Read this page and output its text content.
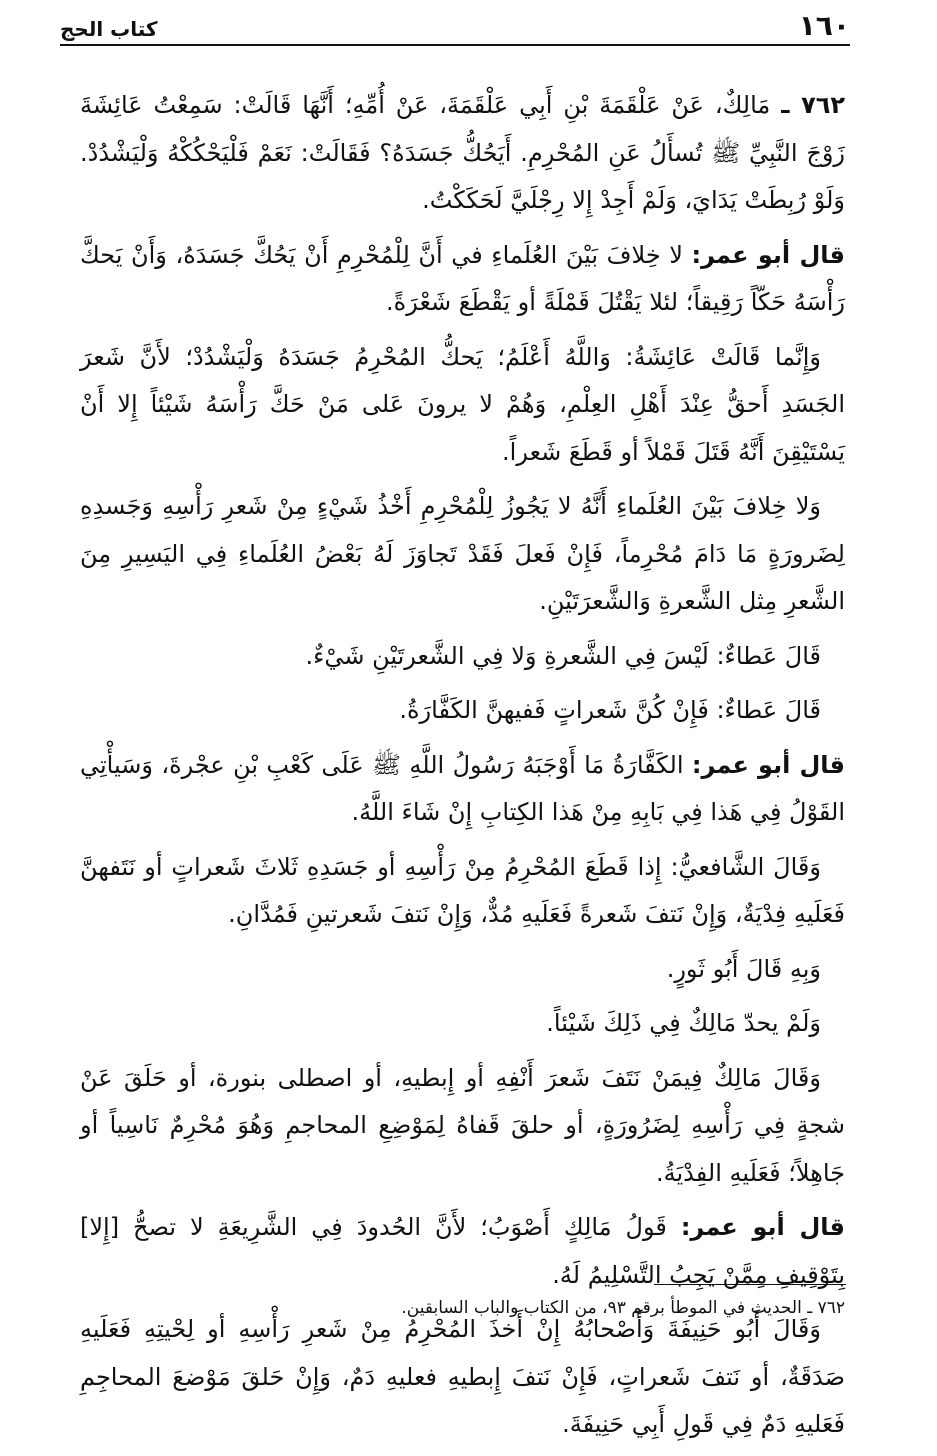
١٦٠
كتاب الحج

٧٦٢ ـ مَالِكٌ، عَنْ عَلْقَمَةَ بْنِ أَبِي عَلْقَمَةَ، عَنْ أُمِّهِ؛ أَنَّهَا قَالَتْ: سَمِعْتُ عَائِشَةَ زَوْجَ النَّبِيِّ ﷺ تُسأَلُ عَنِ المُحْرِمِ. أَيَحُكُّ جَسَدَهُ؟ فَقَالَتْ: نَعَمْ فَلْيَحْكُكْهُ وَلْيَشْدُدْ. وَلَوْ رُبِطَتْ يَدَايَ، وَلَمْ أَجِدْ إِلا رِجْلَيَّ لَحَكَكْتُ.

قال أبو عمر: لا خِلافَ بَيْنَ العُلَماءِ في أَنَّ لِلْمُحْرِمِ أَنْ يَحُكَّ جَسَدَهُ، وَأَنْ يَحكَّ رَأْسَهُ حَكّاً رَقِيقاً؛ لئلا يَقْتُلَ قَمْلَةً أو يَقْطَعَ شَعْرَةً.

وَإِنَّما قَالَتْ عَائِشَةُ: وَاللَّهُ أَعْلَمُ؛ يَحكُّ المُحْرِمُ جَسَدَهُ وَلْيَشْدُدْ؛ لأَنَّ شَعرَ الجَسَدِ أَحقُّ عِنْدَ أَهْلِ العِلْمِ، وَهُمْ لا يرونَ عَلى مَنْ حَكَّ رَأْسَهُ شَيْئاً إِلا أَنْ يَسْتَيْقِنَ أَنَّهُ قَتَلَ قَمْلاً أو قَطَعَ شَعراً.

وَلا خِلافَ بَيْنَ العُلَماءِ أَنَّهُ لا يَجُوزُ لِلْمُحْرِمِ أَخْذُ شَيْءٍ مِنْ شَعرِ رَأْسِهِ وَجَسدِهِ لِضَرورَةٍ مَا دَامَ مُحْرِماً، فَإِنْ فَعلَ فَقَدْ تَجاوَزَ لَهُ بَعْضُ العُلَماءِ فِي اليَسِيرِ مِنَ الشَّعرِ مِثل الشَّعرةِ وَالشَّعرَتَيْنِ.

قَالَ عَطاءٌ: لَيْسَ فِي الشَّعرةِ وَلا فِي الشَّعرتَيْنِ شَيْءٌ.

قَالَ عَطاءٌ: فَإِنْ كُنَّ شَعراتٍ فَفيهنَّ الكَفَّارَةُ.

قال أبو عمر: الكَفَّارَةُ مَا أَوْجَبَهُ رَسُولُ اللَّهِ ﷺ عَلَى كَعْبِ بْنِ عجْرةَ، وَسَيأْتِي القَوْلُ فِي هَذا فِي بَابِهِ مِنْ هَذا الكِتابِ إِنْ شَاءَ اللَّهُ.

وَقَالَ الشَّافعيُّ: إِذا قَطَعَ المُحْرِمُ مِنْ رَأْسِهِ أو جَسَدِهِ ثَلاثَ شَعراتٍ أو نَتَفهنَّ فَعَلَيهِ فِدْيَةٌ، وَإِنْ نَتفَ شَعرةً فَعَلَيهِ مُدٌّ، وَإِنْ نَتفَ شَعرتينِ فَمُدَّانِ.

وَبِهِ قَالَ أَبُو ثَورٍ.

وَلَمْ يحدّ مَالِكٌ فِي ذَلِكَ شَيْئاً.

وَقَالَ مَالِكٌ فِيمَنْ نَتَفَ شَعرَ أَنْفِهِ أو إِبطيهِ، أو اصطلى بنورة، أو حَلَقَ عَنْ شجةٍ فِي رَأْسِهِ لِضَرُورَةٍ، أو حلقَ قَفاهُ لِمَوْضِعِ المحاجمِ وَهُوَ مُحْرِمٌ نَاسِياً أو جَاهِلاً؛ فَعَلَيهِ الفِدْيَةُ.

قال أبو عمر: قَولُ مَالِكٍ أَصْوَبُ؛ لأَنَّ الحُدودَ فِي الشَّرِيعَةِ لا تصحُّ [إِلا] بِتَوْقِيفِ مِمَّنْ يَجِبُ التَّسْلِيمُ لَهُ.

وَقَالَ أَبُو حَنِيفَةَ وَأَصْحابُهُ إِنْ أَخذَ المُحْرِمُ مِنْ شَعرِ رَأْسِهِ أو لِحْيتِهِ فَعَلَيهِ صَدَقَةٌ، أو نَتفَ شَعراتٍ، فَإِنْ نَتفَ إِبطيهِ فعليهِ دَمٌ، وَإِنْ حَلقَ مَوْضعَ المحاجِمِ فَعَليهِ دَمٌ فِي قَولِ أَبِي حَنِيفَةَ.

٧٦٢ ـ الحديث في الموطأ برقم ٩٣، من الكتاب والباب السابقين.
